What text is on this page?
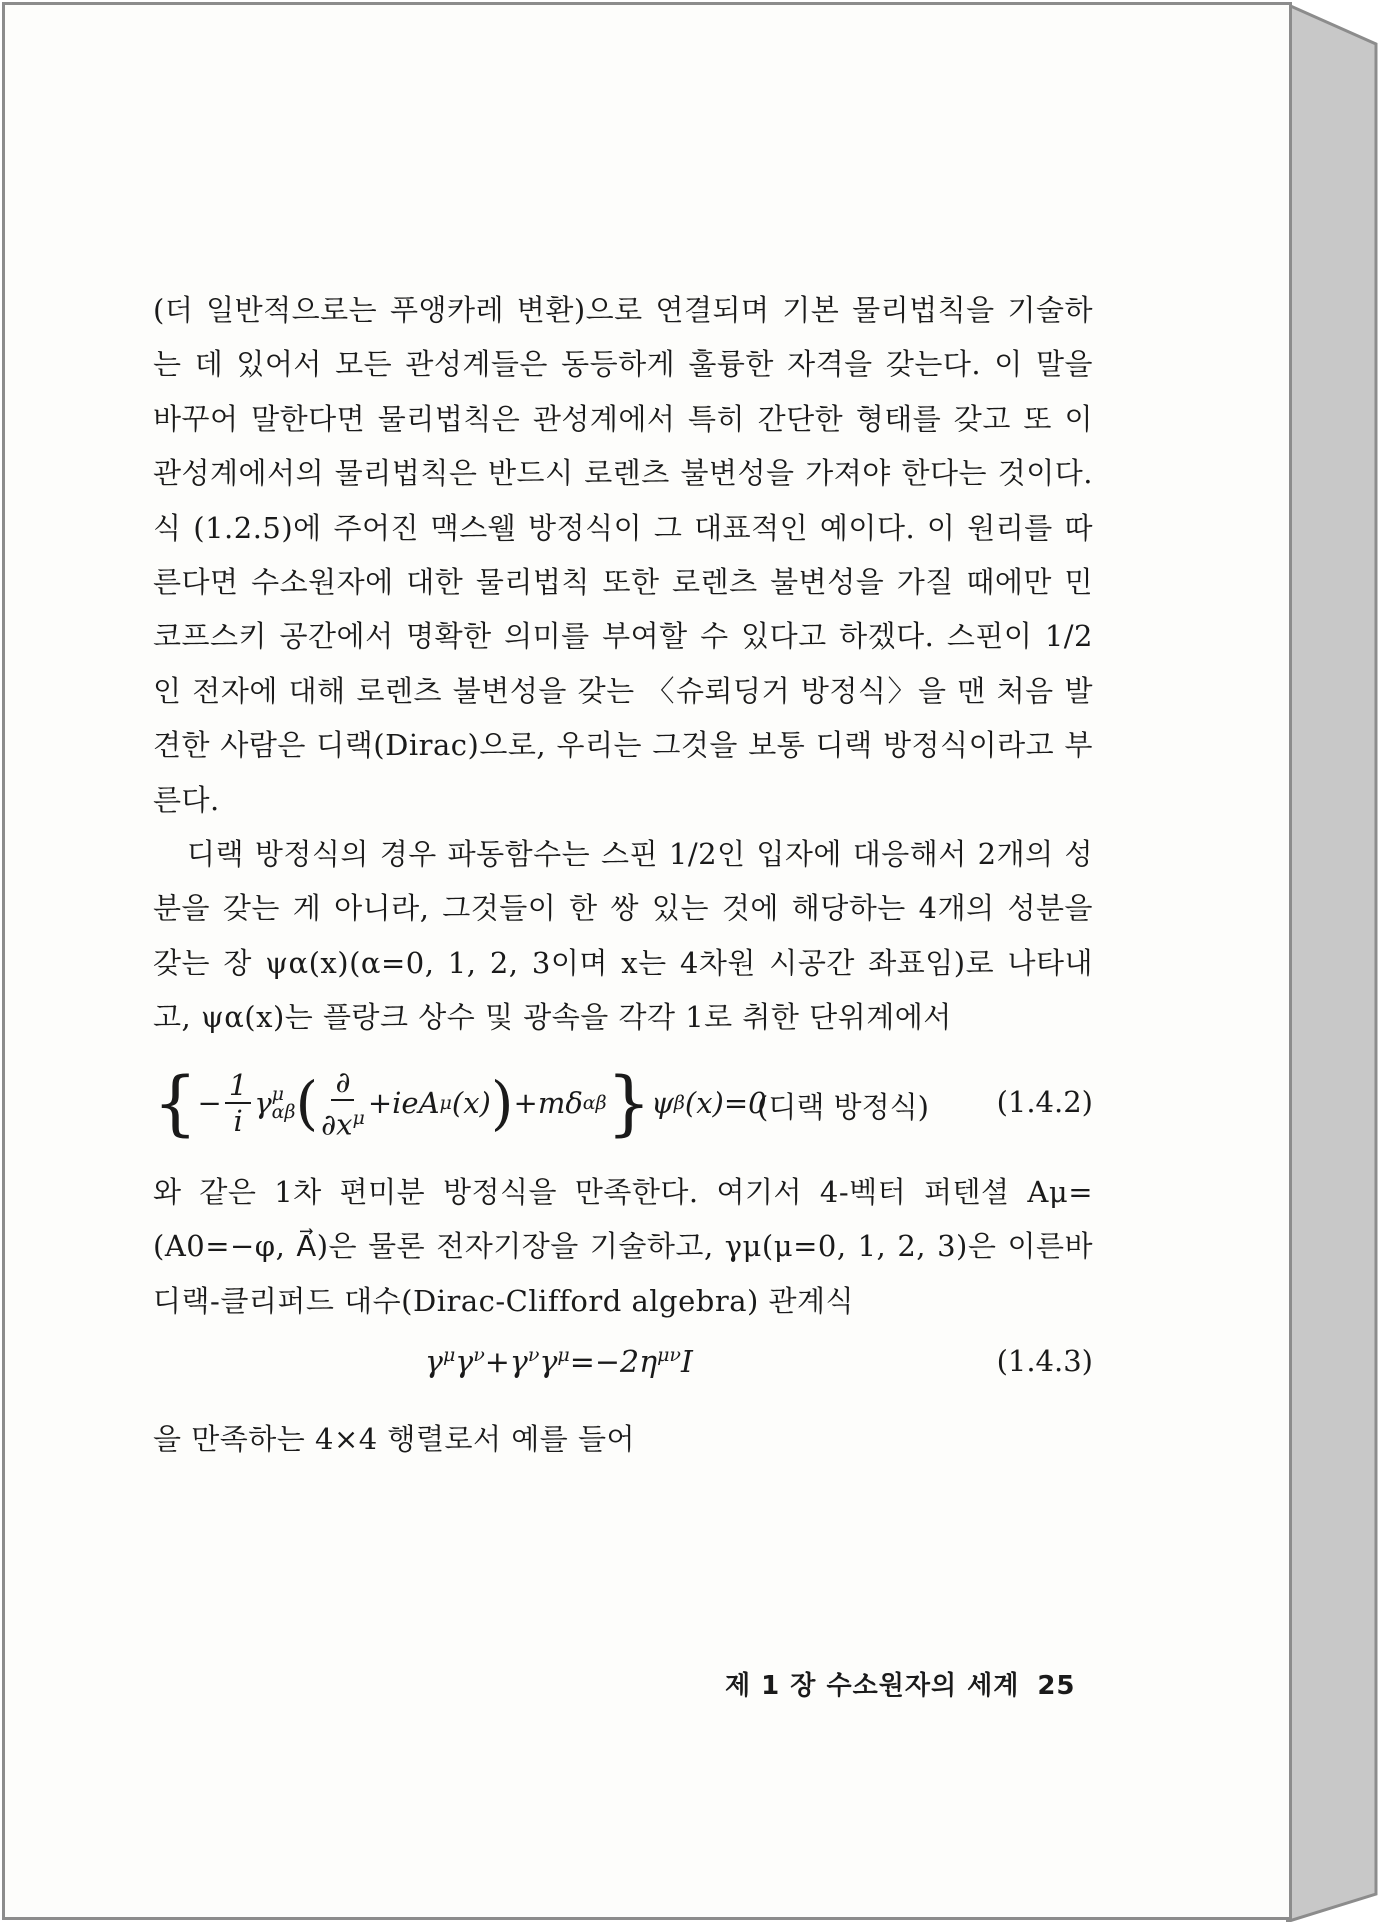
(더 일반적으로는 푸앵카레 변환)으로 연결되며 기본 물리법칙을 기술하는 데 있어서 모든 관성계들은 동등하게 훌륭한 자격을 갖는다. 이 말을 바꾸어 말한다면 물리법칙은 관성계에서 특히 간단한 형태를 갖고 또 이 관성계에서의 물리법칙은 반드시 로렌츠 불변성을 가져야 한다는 것이다. 식 (1.2.5)에 주어진 맥스웰 방정식이 그 대표적인 예이다. 이 원리를 따른다면 수소원자에 대한 물리법칙 또한 로렌츠 불변성을 가질 때에만 민코프스키 공간에서 명확한 의미를 부여할 수 있다고 하겠다. 스핀이 1/2인 전자에 대해 로렌츠 불변성을 갖는 〈슈뢰딩거 방정식〉을 맨 처음 발견한 사람은 디랙(Dirac)으로, 우리는 그것을 보통 디랙 방정식이라고 부른다.

디랙 방정식의 경우 파동함수는 스핀 1/2인 입자에 대응해서 2개의 성분을 갖는 게 아니라, 그것들이 한 쌍 있는 것에 해당하는 4개의 성분을 갖는 장 ψα(x)(α=0, 1, 2, 3이며 x는 4차원 시공간 좌표임)로 나타내고, ψα(x)는 플랑크 상수 및 광속을 각각 1로 취한 단위계에서

{ − $\frac{1}{i}$ γ μ
αβ ( $\frac{\partial}{\partial x^\mu} +ieA$ μ (x) ) +mδ αβ } ψ β (x)=0
(디랙 방정식) (1.4.2)

와 같은 1차 편미분 방정식을 만족한다. 여기서 4-벡터 퍼텐셜 Aμ=(A0=−φ, A⃗)은 물론 전자기장을 기술하고, γμ(μ=0, 1, 2, 3)은 이른바 디랙-클리퍼드 대수(Dirac-Clifford algebra) 관계식

$\gamma^\mu\gamma^\nu+\gamma^\nu\gamma^\mu=-2\eta^{\mu\nu}I$	(1.4.3)

을 만족하는 4×4 행렬로서 예를 들어

제 1 장 수소원자의 세계 25
